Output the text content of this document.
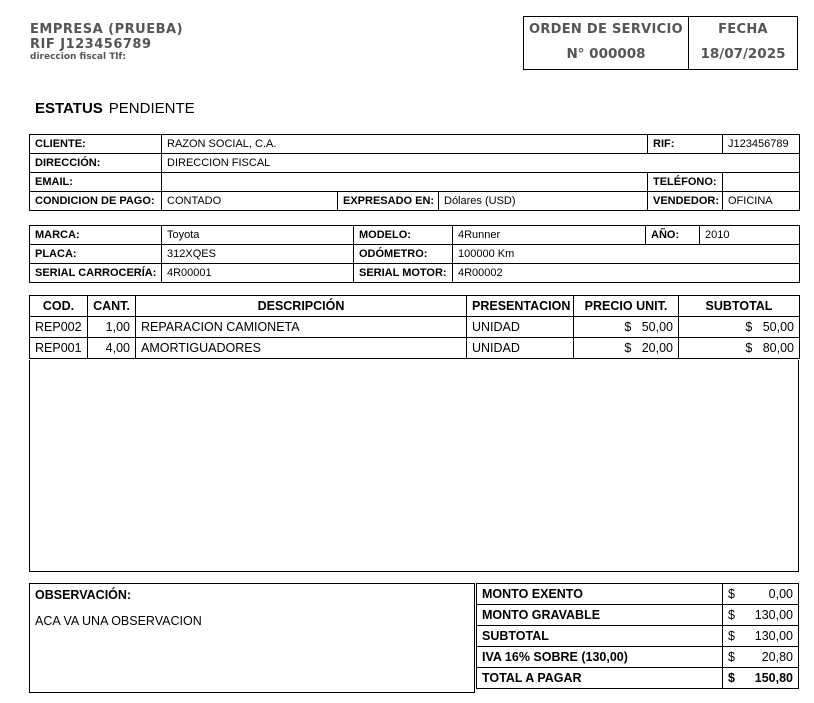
EMPRESA (PRUEBA)
RIF J123456789
direccion fiscal Tlf:
ORDEN DE SERVICIO
N° 000008
FECHA
18/07/2025
ESTATUS PENDIENTE
CLIENTE:	RAZON SOCIAL, C.A.			RIF:	J123456789
DIRECCIÓN:	DIRECCION FISCAL				
EMAIL:				TELÉFONO:	
CONDICION DE PAGO:	CONTADO	EXPRESADO EN:	Dólares (USD)	VENDEDOR:	OFICINA
MARCA:	Toyota	MODELO:	4Runner	AÑO:	2010
PLACA:	312XQES	ODÓMETRO:	100000 Km		
SERIAL CARROCERÍA:	4R00001	SERIAL MOTOR:	4R00002		
COD.	CANT.	DESCRIPCIÓN	PRESENTACION	PRECIO UNIT.	SUBTOTAL
REP002	1,00	REPARACION CAMIONETA	UNIDAD	$ 50,00	$ 50,00
REP001	4,00	AMORTIGUADORES	UNIDAD	$ 20,00	$ 80,00
OBSERVACIÓN:
ACA VA UNA OBSERVACION
MONTO EXENTO	$ 0,00

MONTO GRAVABLE	$ 130,00

SUBTOTAL	$ 130,00

IVA 16% SOBRE (130,00)	$ 20,80

TOTAL A PAGAR	$ 150,80
